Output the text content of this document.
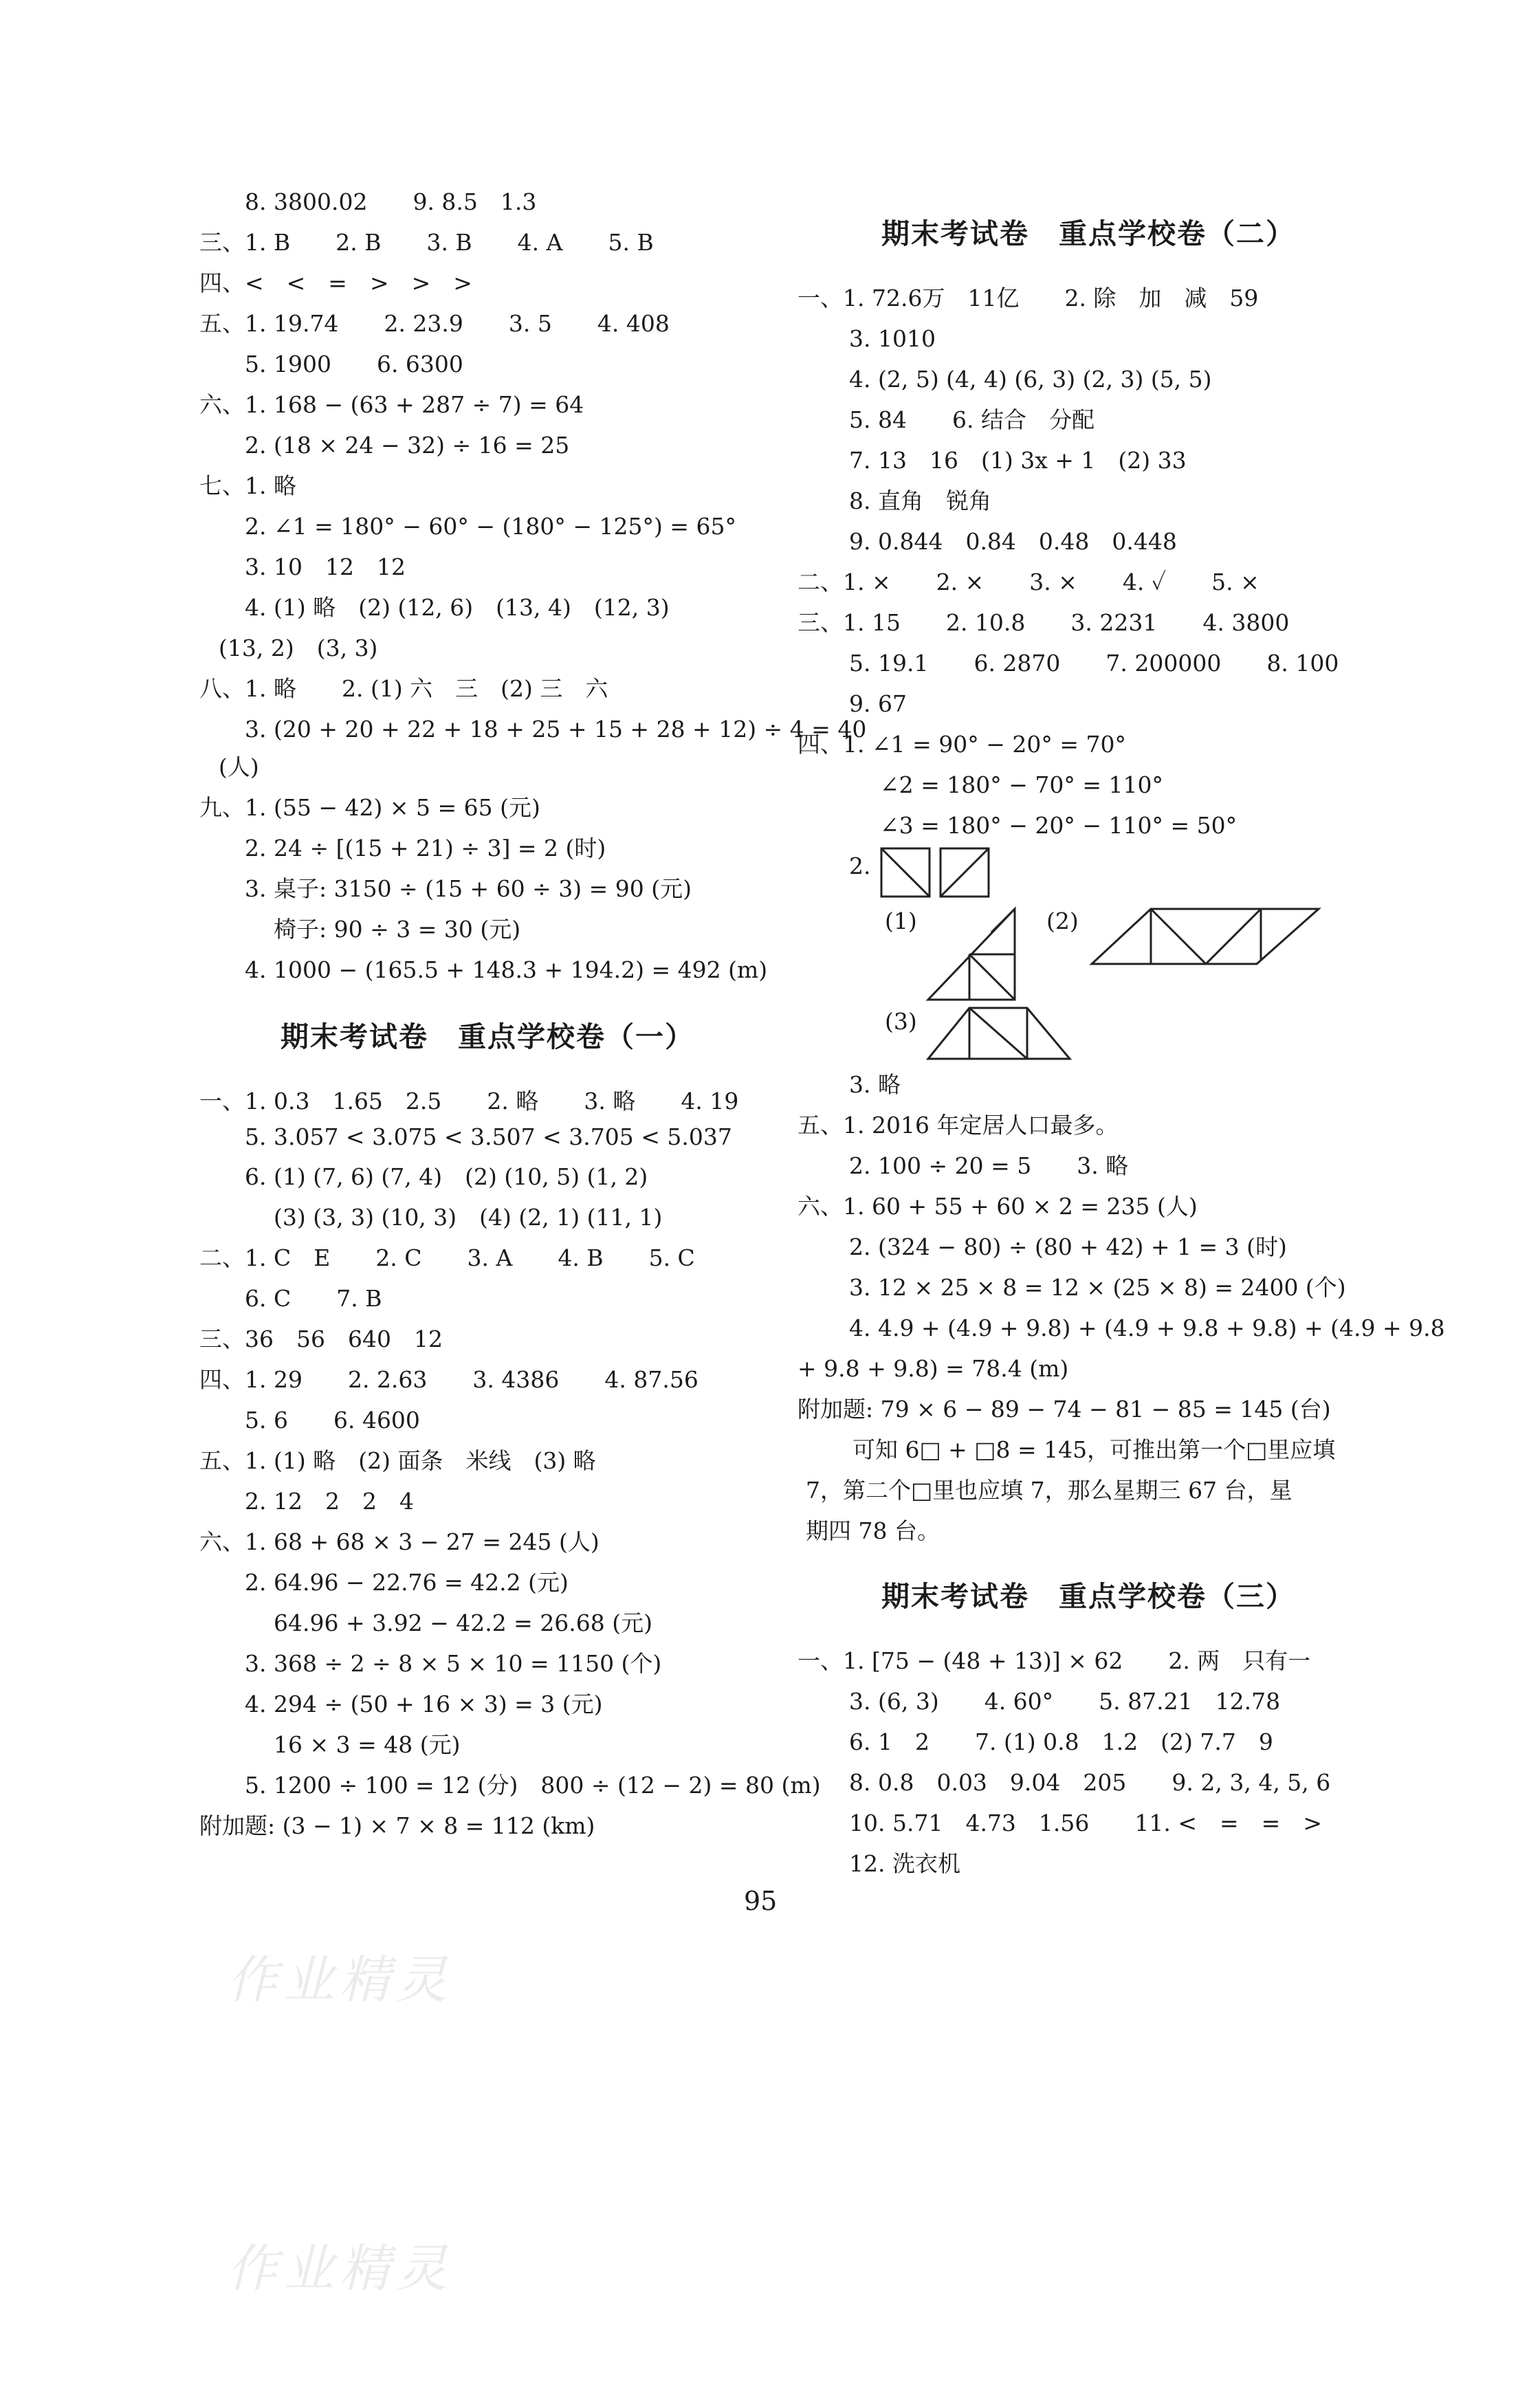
8. 3800.02　　9. 8.5　1.3
三、1. B　　2. B　　3. B　　4. A　　5. B
四、<　<　=　>　>　>
五、1. 19.74　　2. 23.9　　3. 5　　4. 408
5. 1900　　6. 6300
六、1. 168 − (63 + 287 ÷ 7) = 64
2. (18 × 24 − 32) ÷ 16 = 25
七、1. 略
2. ∠1 = 180° − 60° − (180° − 125°) = 65°
3. 10　12　12
4. (1) 略　(2) (12, 6)　(13, 4)　(12, 3)
(13, 2)　(3, 3)
八、1. 略　　2. (1) 六　三　(2) 三　六
3. (20 + 20 + 22 + 18 + 25 + 15 + 28 + 12) ÷ 4 = 40
(人)
九、1. (55 − 42) × 5 = 65 (元)
2. 24 ÷ [(15 + 21) ÷ 3] = 2 (时)
3. 桌子: 3150 ÷ (15 + 60 ÷ 3) = 90 (元)
椅子: 90 ÷ 3 = 30 (元)
4. 1000 − (165.5 + 148.3 + 194.2) = 492 (m)
期末考试卷　重点学校卷（一）
一、1. 0.3　1.65　2.5　　2. 略　　3. 略　　4. 19
5. 3.057 < 3.075 < 3.507 < 3.705 < 5.037
6. (1) (7, 6) (7, 4)　(2) (10, 5) (1, 2)
(3) (3, 3) (10, 3)　(4) (2, 1) (11, 1)
二、1. C　E　　2. C　　3. A　　4. B　　5. C
6. C　　7. B
三、36　56　640　12
四、1. 29　　2. 2.63　　3. 4386　　4. 87.56
5. 6　　6. 4600
五、1. (1) 略　(2) 面条　米线　(3) 略
2. 12　2　2　4
六、1. 68 + 68 × 3 − 27 = 245 (人)
2. 64.96 − 22.76 = 42.2 (元)
64.96 + 3.92 − 42.2 = 26.68 (元)
3. 368 ÷ 2 ÷ 8 × 5 × 10 = 1150 (个)
4. 294 ÷ (50 + 16 × 3) = 3 (元)
16 × 3 = 48 (元)
5. 1200 ÷ 100 = 12 (分)　800 ÷ (12 − 2) = 80 (m)
附加题: (3 − 1) × 7 × 8 = 112 (km)
期末考试卷　重点学校卷（二）
一、1. 72.6万　11亿　　2. 除　加　减　59
3. 1010
4. (2, 5) (4, 4) (6, 3) (2, 3) (5, 5)
5. 84　　6. 结合　分配
7. 13　16　(1) 3x + 1　(2) 33
8. 直角　锐角
9. 0.844　0.84　0.48　0.448
二、1. ×　　2. ×　　3. ×　　4. ✓　　5. ×
三、1. 15　　2. 10.8　　3. 2231　　4. 3800
5. 19.1　　6. 2870　　7. 200000　　8. 100
9. 67
四、1. ∠1 = 90° − 20° = 70°
∠2 = 180° − 70° = 110°
∠3 = 180° − 20° − 110° = 50°
2.
(1)	(2)
(3)
3. 略
五、1. 2016 年定居人口最多。
2. 100 ÷ 20 = 5　　3. 略
六、1. 60 + 55 + 60 × 2 = 235 (人)
2. (324 − 80) ÷ (80 + 42) + 1 = 3 (时)
3. 12 × 25 × 8 = 12 × (25 × 8) = 2400 (个)
4. 4.9 + (4.9 + 9.8) + (4.9 + 9.8 + 9.8) + (4.9 + 9.8
+ 9.8 + 9.8) = 78.4 (m)
附加题: 79 × 6 − 89 − 74 − 81 − 85 = 145 (台)
可知 6□ + □8 = 145，可推出第一个□里应填
7，第二个□里也应填 7，那么星期三 67 台，星
期四 78 台。
期末考试卷　重点学校卷（三）
一、1. [75 − (48 + 13)] × 62　　2. 两　只有一
3. (6, 3)　　4. 60°　　5. 87.21　12.78
6. 1　2　　7. (1) 0.8　1.2　(2) 7.7　9
8. 0.8　0.03　9.04　205　　9. 2, 3, 4, 5, 6
10. 5.71　4.73　1.56　　11. <　=　=　>
12. 洗衣机
95
作业精灵
作业精灵
